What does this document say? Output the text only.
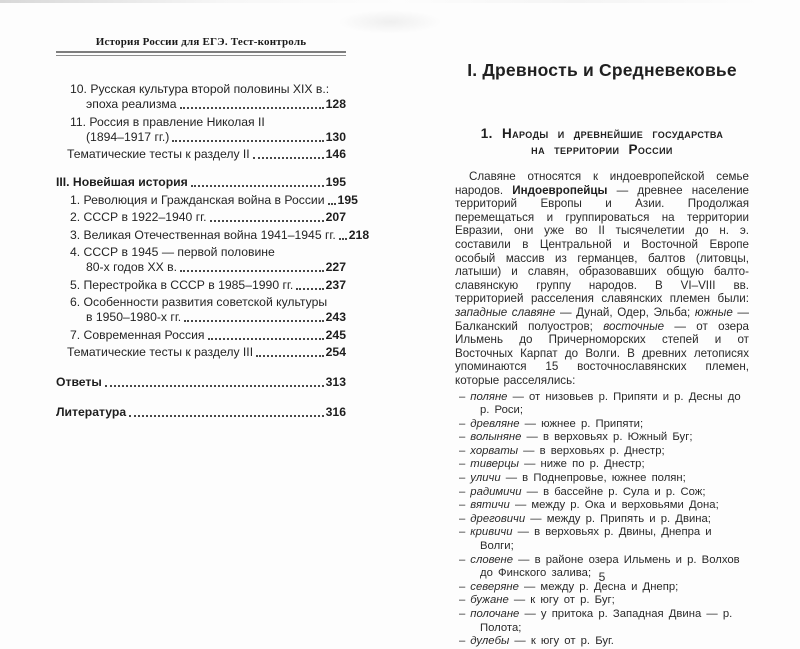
История России для ЕГЭ. Тест-контроль
10. Русская культура второй половины XIX в.:
эпоха реализма	128
11. Россия в правление Николая II
(1894–1917 гг.)	130
Тематические тесты к разделу II	146
III. Новейшая история	195
1. Революция и Гражданская война в России 195
2. СССР в 1922–1940 гг.	207
3. Великая Отечественная война 1941–1945 гг. 218
4. СССР в 1945 — первой половине
80-х годов XX в.	227
5. Перестройка в СССР в 1985–1990 гг.	237
6. Особенности развития советской культуры
в 1950–1980-х гг.	243
7. Современная Россия	245
Тематические тесты к разделу III	254
Ответы	313
Литература	316
I. Древность и Средневековье
1. Народы и древнейшие государства
на территории России

Славяне относятся к индоевропейской семье народов. Индоевропейцы — древнее население территорий Европы и Азии. Продолжая перемещаться и группироваться на территории Евразии, они уже во II тысячелетии до н. э. составили в Центральной и Восточной Европе особый массив из германцев, балтов (литовцы, латыши) и славян, образовавших общую балто-славянскую группу народов. В VI–VIII вв. территорией расселения славянских племен были: западные славяне — Дунай, Одер, Эльба; южные — Балканский полуостров; восточные — от озера Ильмень до Причерноморских степей и от Восточных Карпат до Волги. В древних летописях упоминаются 15 восточнославянских племен, которые расселялись:

– поляне — от низовьев р. Припяти и р. Десны до р. Роси;
– древляне — южнее р. Припяти;
– волыняне — в верховьях р. Южный Буг;
– хорваты — в верховьях р. Днестр;
– тиверцы — ниже по р. Днестр;
– уличи — в Поднепровье, южнее полян;
– радимичи — в бассейне р. Сула и р. Сож;
– вятичи — между р. Ока и верховьями Дона;
– дреговичи — между р. Припять и р. Двина;
– кривичи — в верховьях р. Двины, Днепра и Волги;
– словене — в районе озера Ильмень и р. Волхов до Финского залива;
– северяне — между р. Десна и Днепр;
– бужане — к югу от р. Буг;
– полочане — у притока р. Западная Двина — р. Полота;
– дулебы — к югу от р. Буг.
5
